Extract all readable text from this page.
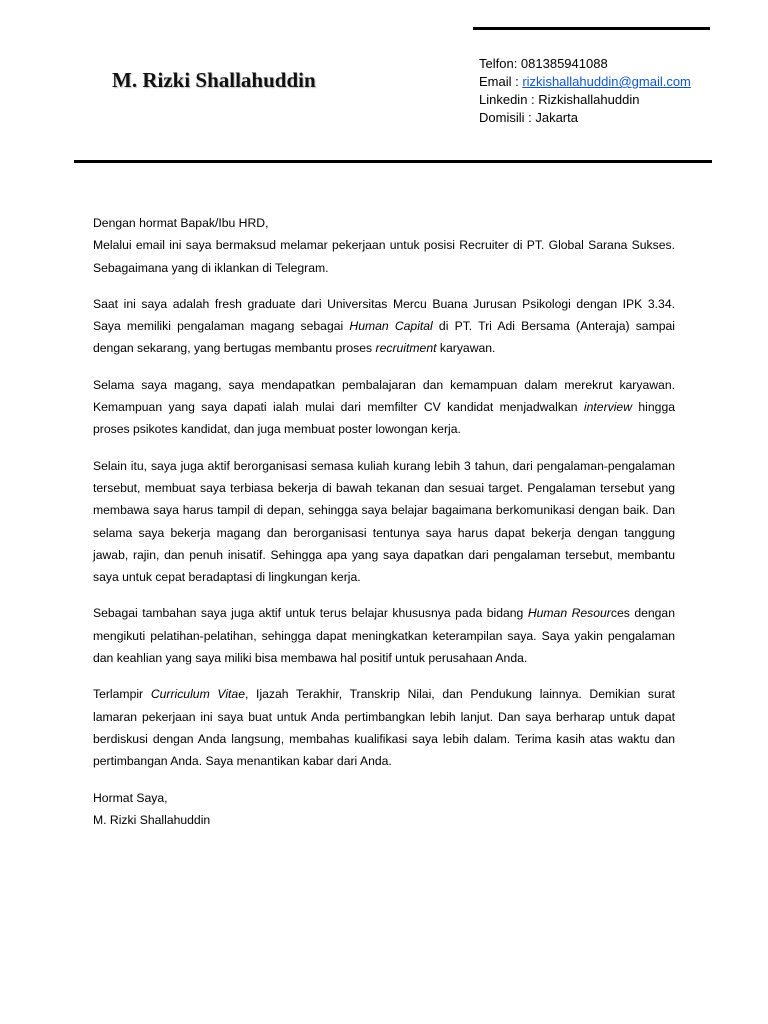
M. Rizki Shallahuddin
Telfon: 081385941088
Email : rizkishallahuddin@gmail.com
Linkedin : Rizkishallahuddin
Domisili : Jakarta

Dengan hormat Bapak/Ibu HRD,

Melalui email ini saya bermaksud melamar pekerjaan untuk posisi Recruiter di PT. Global Sarana Sukses. Sebagaimana yang di iklankan di Telegram.

Saat ini saya adalah fresh graduate dari Universitas Mercu Buana Jurusan Psikologi dengan IPK 3.34. Saya memiliki pengalaman magang sebagai Human Capital di PT. Tri Adi Bersama (Anteraja) sampai dengan sekarang, yang bertugas membantu proses recruitment karyawan.

Selama saya magang, saya mendapatkan pembalajaran dan kemampuan dalam merekrut karyawan. Kemampuan yang saya dapati ialah mulai dari memfilter CV kandidat menjadwalkan interview hingga proses psikotes kandidat, dan juga membuat poster lowongan kerja.

Selain itu, saya juga aktif berorganisasi semasa kuliah kurang lebih 3 tahun, dari pengalaman-pengalaman tersebut, membuat saya terbiasa bekerja di bawah tekanan dan sesuai target. Pengalaman tersebut yang membawa saya harus tampil di depan, sehingga saya belajar bagaimana berkomunikasi dengan baik. Dan selama saya bekerja magang dan berorganisasi tentunya saya harus dapat bekerja dengan tanggung jawab, rajin, dan penuh inisatif. Sehingga apa yang saya dapatkan dari pengalaman tersebut, membantu saya untuk cepat beradaptasi di lingkungan kerja.

Sebagai tambahan saya juga aktif untuk terus belajar khususnya pada bidang Human Resources dengan mengikuti pelatihan-pelatihan, sehingga dapat meningkatkan keterampilan saya. Saya yakin pengalaman dan keahlian yang saya miliki bisa membawa hal positif untuk perusahaan Anda.

Terlampir Curriculum Vitae, Ijazah Terakhir, Transkrip Nilai, dan Pendukung lainnya. Demikian surat lamaran pekerjaan ini saya buat untuk Anda pertimbangkan lebih lanjut. Dan saya berharap untuk dapat berdiskusi dengan Anda langsung, membahas kualifikasi saya lebih dalam. Terima kasih atas waktu dan pertimbangan Anda. Saya menantikan kabar dari Anda.

Hormat Saya,

M. Rizki Shallahuddin
